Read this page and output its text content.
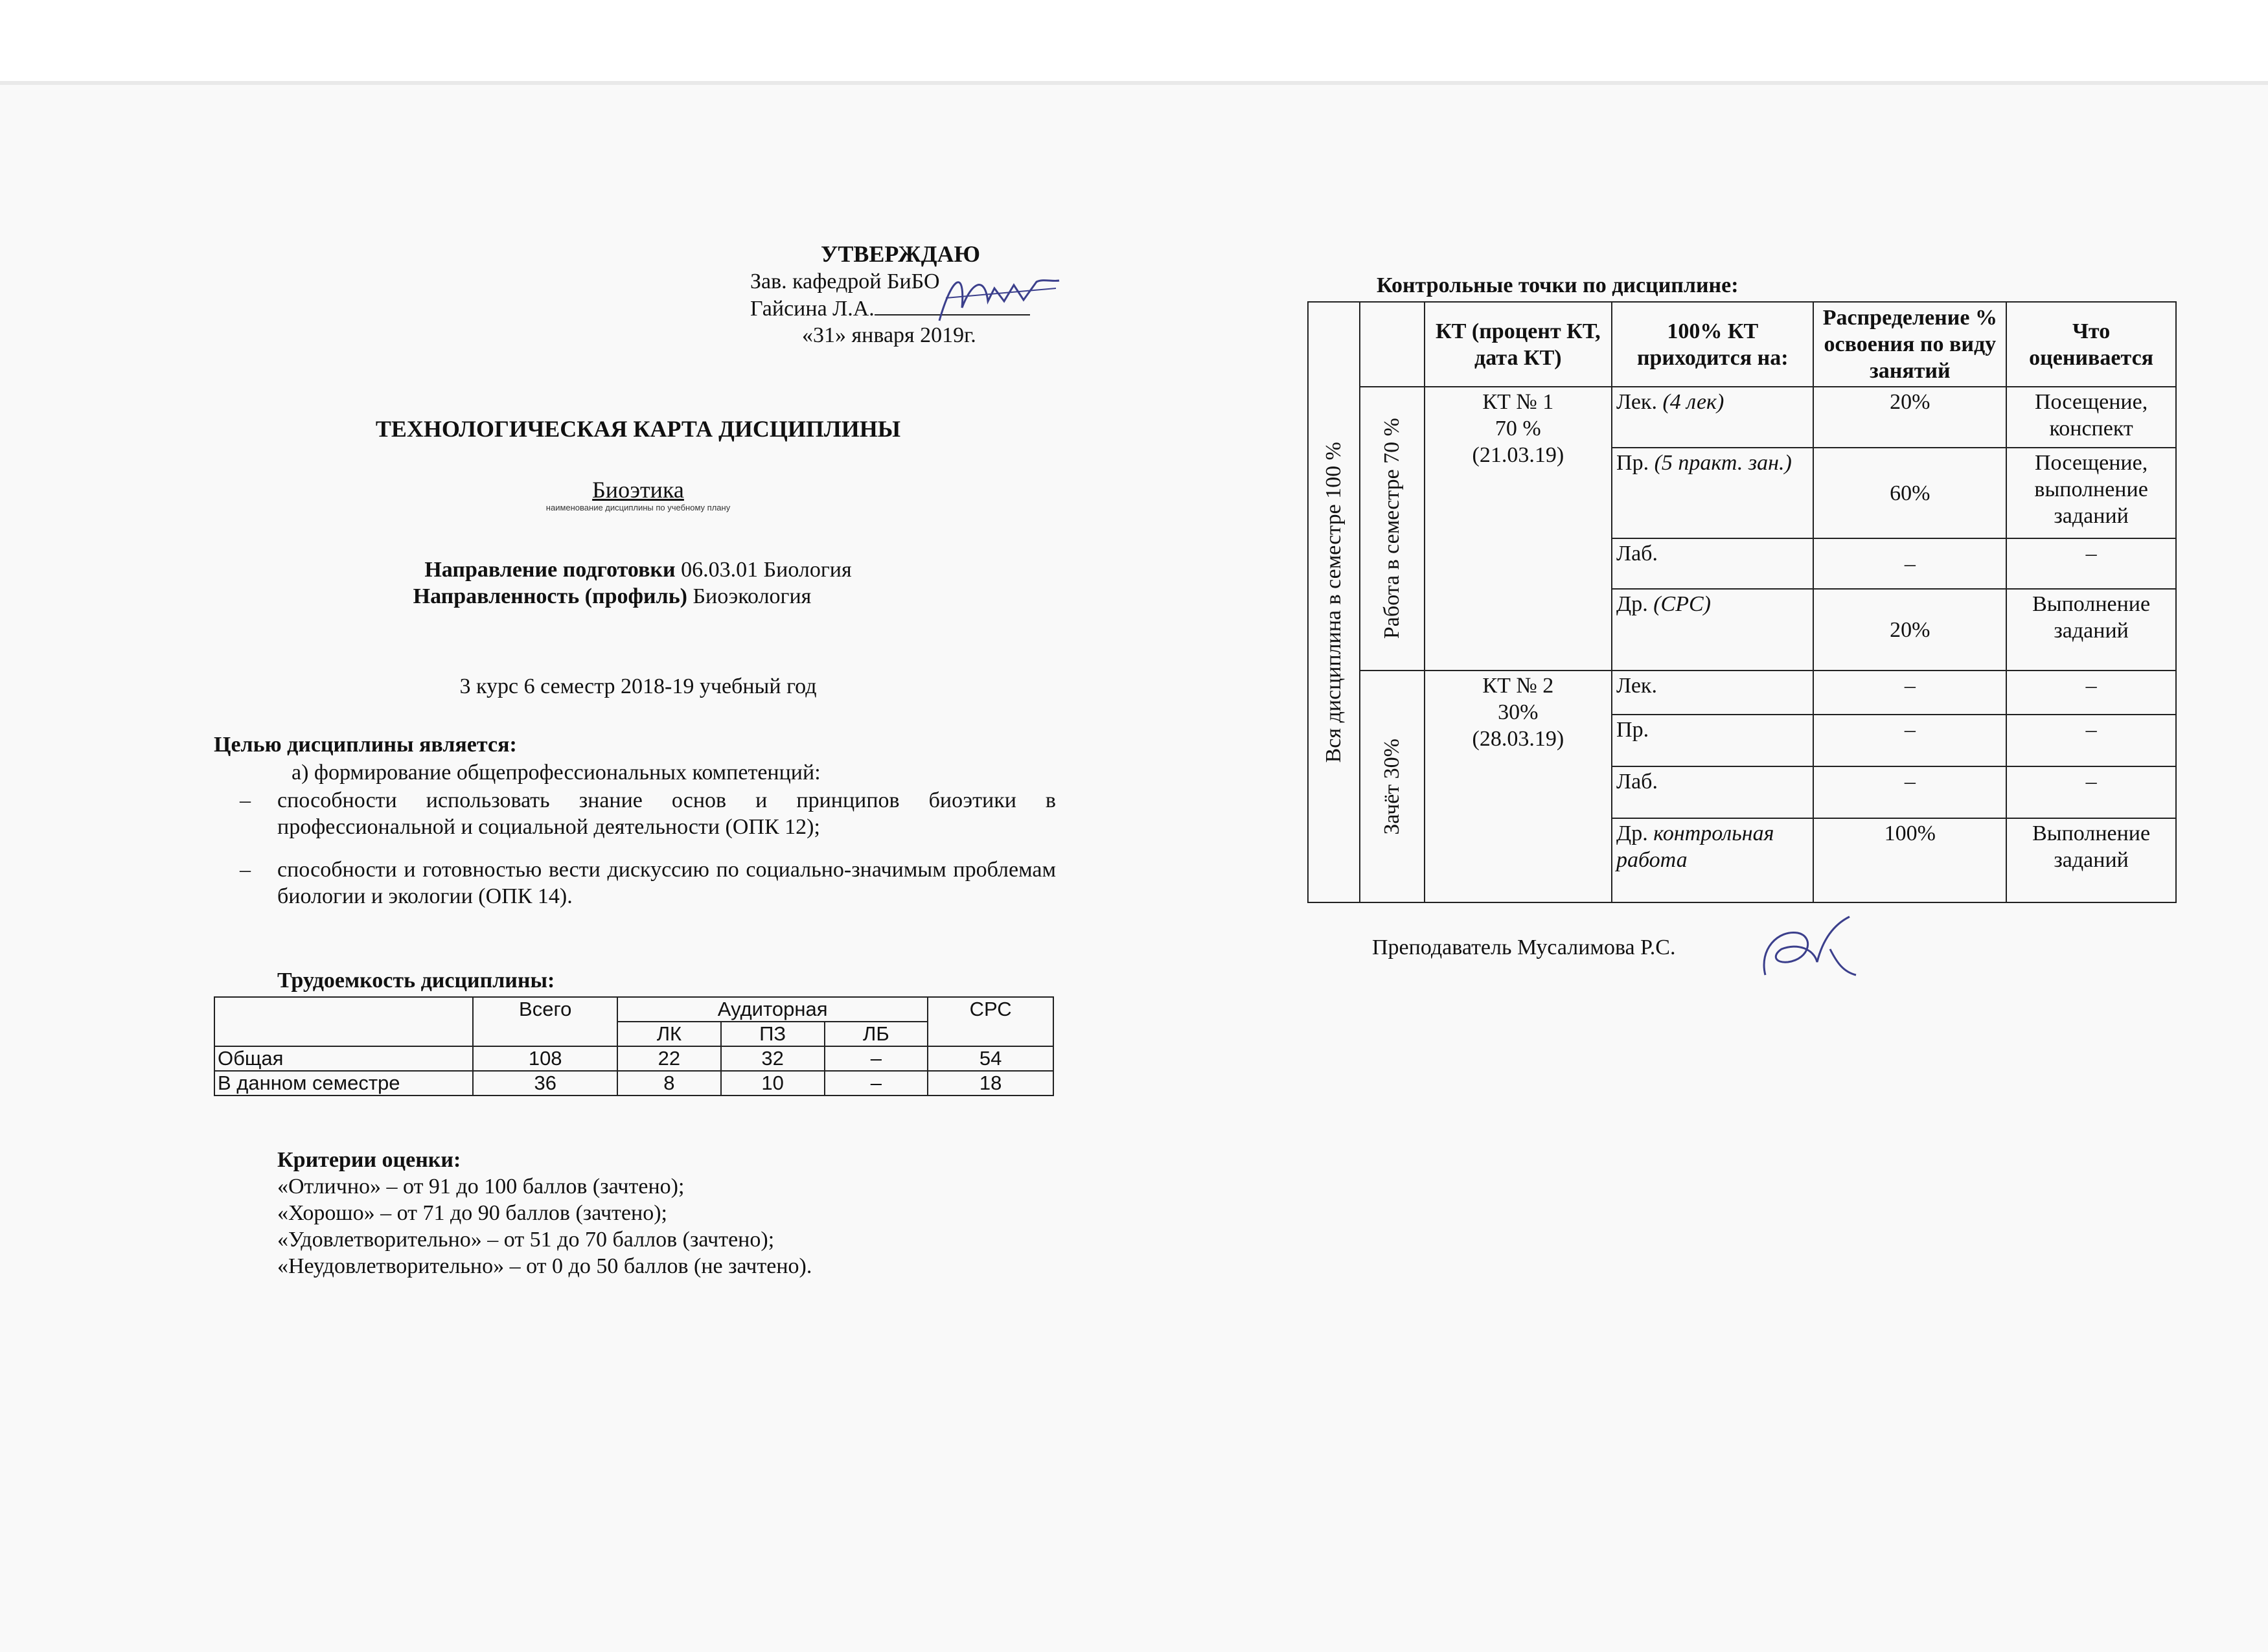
УТВЕРЖДАЮ
Зав. кафедрой БиБО
Гайсина Л.А.
«31» января 2019г.
ТЕХНОЛОГИЧЕСКАЯ КАРТА ДИСЦИПЛИНЫ
Биоэтика
наименование дисциплины по учебному плану
Направление подготовки 06.03.01 Биология
Направленность (профиль) Биоэкология
3 курс 6 семестр 2018-19 учебный год
Целью дисциплины является:
а) формирование общепрофессиональных компетенций:
– способности использовать знание основ и принципов биоэтики в профессиональной и социальной деятельности (ОПК 12);
– способности и готовностью вести дискуссию по социально-значимым проблемам биологии и экологии (ОПК 14).
Трудоемкость дисциплины:
	Всего	Аудиторная			СРС
		ЛК	ПЗ	ЛБ	
Общая	108	22	32	–	54
В данном семестре	36	8	10	–	18
Критерии оценки:
«Отлично» – от 91 до 100 баллов (зачтено);
«Хорошо» – от 71 до 90 баллов (зачтено);
«Удовлетворительно» – от 51 до 70 баллов (зачтено);
«Неудовлетворительно» – от 0 до 50 баллов (не зачтено).
Контрольные точки по дисциплине:
Вся дисциплина в семестре 100 %		КТ (процент КТ, дата КТ)	100% КТ приходится на:	Распределение % освоения по виду занятий	Что оценивается

	Работа в семестре 70 %	КТ № 1
70 %
(21.03.19)	Лек. (4 лек)	20%	Посещение, конспект
			Пр. (5 практ. зан.)	60%	Посещение, выполнение заданий
			Лаб.	–	–
			Др. (СРС)	20%	Выполнение заданий

	Зачёт 30%	КТ № 2
30%
(28.03.19)	Лек.	–	–
			Пр.	–	–
			Лаб.	–	–
			Др. контрольная работа	100%	Выполнение заданий
Преподаватель Мусалимова Р.С.
